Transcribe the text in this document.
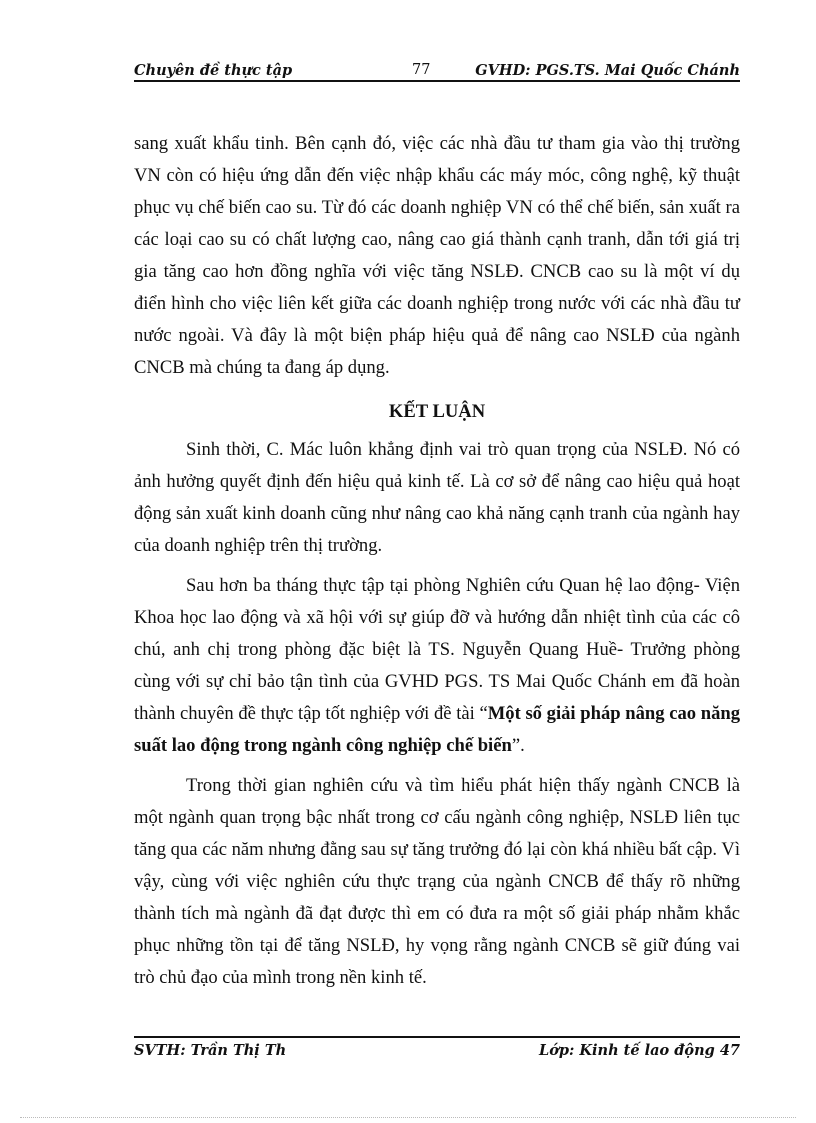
Chuyên đề thực tập	77	GVHD: PGS.TS. Mai Quốc Chánh

sang xuất khẩu tinh. Bên cạnh đó, việc các nhà đầu tư tham gia vào thị trường VN còn có hiệu ứng dẫn đến việc nhập khẩu các máy móc, công nghệ, kỹ thuật phục vụ chế biến cao su. Từ đó các doanh nghiệp VN có thể chế biến, sản xuất ra các loại cao su có chất lượng cao, nâng cao giá thành cạnh tranh, dẫn tới giá trị gia tăng cao hơn đồng nghĩa với việc tăng NSLĐ. CNCB cao su là một ví dụ điển hình cho việc liên kết giữa các doanh nghiệp trong nước với các nhà đầu tư nước ngoài. Và đây là một biện pháp hiệu quả để nâng cao NSLĐ của ngành CNCB mà chúng ta đang áp dụng.

KẾT LUẬN

Sinh thời, C. Mác luôn khẳng định vai trò quan trọng của NSLĐ. Nó có ảnh hưởng quyết định đến hiệu quả kinh tế. Là cơ sở để nâng cao hiệu quả hoạt động sản xuất kinh doanh cũng như nâng cao khả năng cạnh tranh của ngành hay của doanh nghiệp trên thị trường.

Sau hơn ba tháng thực tập tại phòng Nghiên cứu Quan hệ lao động- Viện Khoa học lao động và xã hội với sự giúp đỡ và hướng dẫn nhiệt tình của các cô chú, anh chị trong phòng đặc biệt là TS. Nguyễn Quang Huề- Trưởng phòng cùng với sự chỉ bảo tận tình của GVHD PGS. TS Mai Quốc Chánh em đã hoàn thành chuyên đề thực tập tốt nghiệp với đề tài “Một số giải pháp nâng cao năng suất lao động trong ngành công nghiệp chế biến”.

Trong thời gian nghiên cứu và tìm hiểu phát hiện thấy ngành CNCB là một ngành quan trọng bậc nhất trong cơ cấu ngành công nghiệp, NSLĐ liên tục tăng qua các năm nhưng đằng sau sự tăng trưởng đó lại còn khá nhiều bất cập. Vì vậy, cùng với việc nghiên cứu thực trạng của ngành CNCB để thấy rõ những thành tích mà ngành đã đạt được thì em có đưa ra một số giải pháp nhằm khắc phục những tồn tại để tăng NSLĐ, hy vọng rằng ngành CNCB sẽ giữ đúng vai trò chủ đạo của mình trong nền kinh tế.

SVTH: Trần Thị Th	Lớp: Kinh tế lao động 47
